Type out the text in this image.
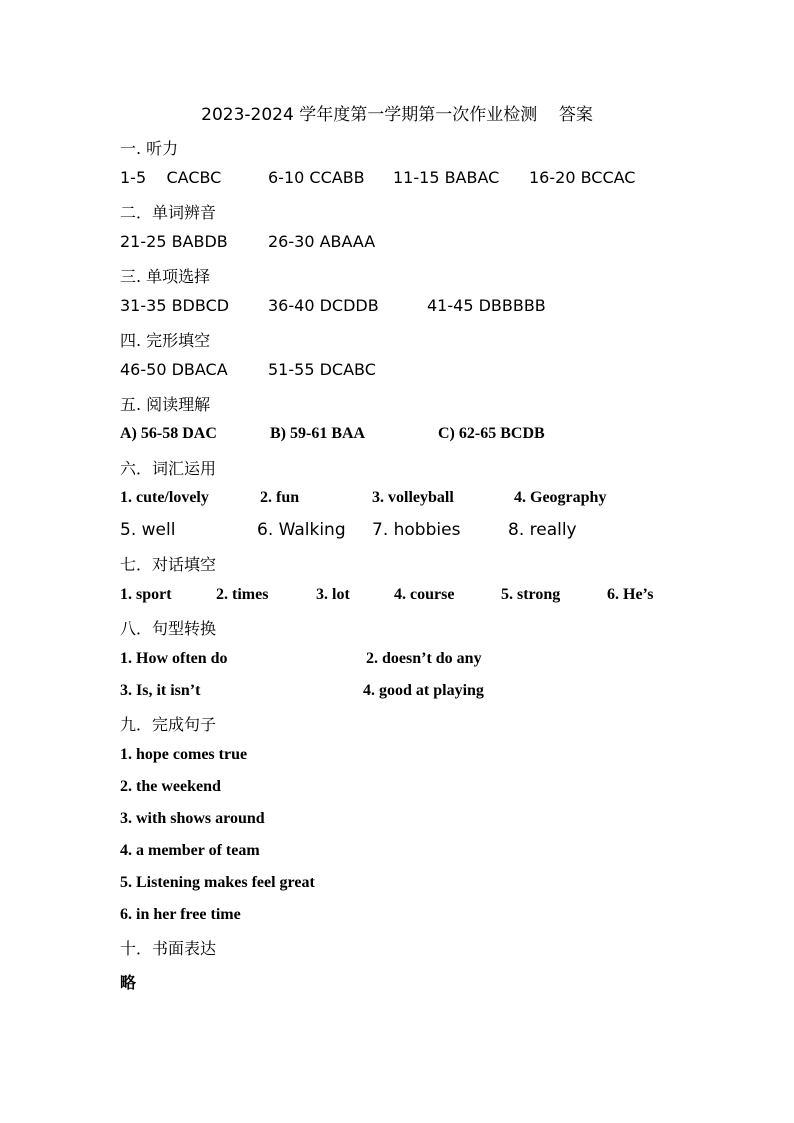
2023-2024 学年度第一学期第一次作业检测    答案
一. 听力
1-5    CACBC	6-10 CCABB 11-15 BABAC 16-20 BCCAC
二．单词辨音
21-25 BABDB	26-30 ABAAA
三. 单项选择
31-35 BDBCD 36-40 DCDDB	41-45 DBBBBB
四. 完形填空
46-50 DBACA	51-55 DCABC
五. 阅读理解
A) 56-58 DAC	B) 59-61 BAA	C) 62-65 BCDB
六．词汇运用
1. cute/lovely	2. fun	3. volleyball	4. Geography
5. well	6. Walking 7. hobbies	8. really
七．对话填空
1. sport	2. times	3. lot	4. course	5. strong	6. He’s
八．句型转换
1. How often do	2. doesn’t do any
3. Is, it isn’t	4. good at playing
九．完成句子
1. hope comes true
2. the weekend
3. with shows around
4. a member of team
5. Listening makes feel great
6. in her free time
十．书面表达
略
